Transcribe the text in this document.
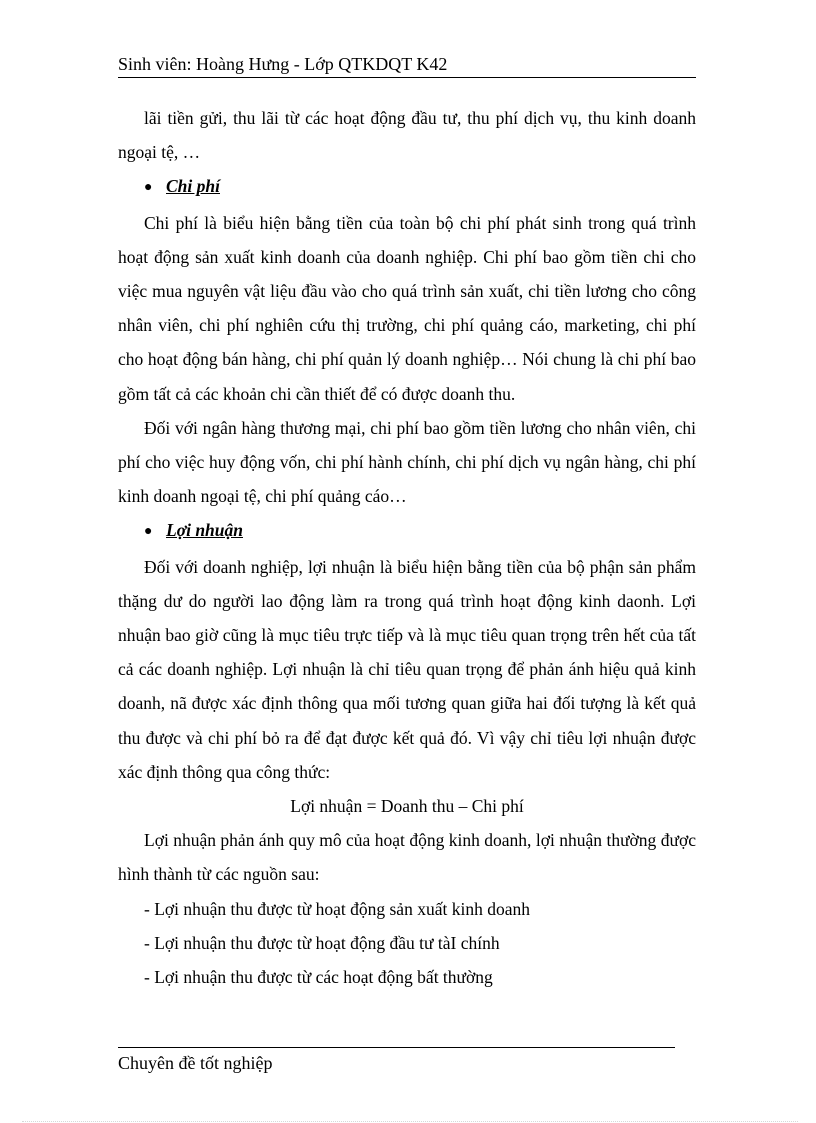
Sinh viên: Hoàng Hưng - Lớp QTKDQT K42

lãi tiền gửi, thu lãi từ các hoạt động đầu tư, thu phí dịch vụ, thu kinh doanh ngoại tệ, …

● Chi phí

Chi phí là biểu hiện bằng tiền của toàn bộ chi phí phát sinh trong quá trình hoạt động sản xuất kinh doanh của doanh nghiệp. Chi phí bao gồm tiền chi cho việc mua nguyên vật liệu đầu vào cho quá trình sản xuất, chi tiền lương cho công nhân viên, chi phí nghiên cứu thị trường, chi phí quảng cáo, marketing, chi phí cho hoạt động bán hàng, chi phí quản lý doanh nghiệp… Nói chung là chi phí bao gồm tất cả các khoản chi cần thiết để có được doanh thu.

Đối với ngân hàng thương mại, chi phí bao gồm tiền lương cho nhân viên, chi phí cho việc huy động vốn, chi phí hành chính, chi phí dịch vụ ngân hàng, chi phí kinh doanh ngoại tệ, chi phí quảng cáo…

● Lợi nhuận

Đối với doanh nghiệp, lợi nhuận là biểu hiện bằng tiền của bộ phận sản phẩm thặng dư do người lao động làm ra trong quá trình hoạt động kinh daonh. Lợi nhuận bao giờ cũng là mục tiêu trực tiếp và là mục tiêu quan trọng trên hết của tất cả các doanh nghiệp. Lợi nhuận là chỉ tiêu quan trọng để phản ánh hiệu quả kinh doanh, nã được xác định thông qua mối tương quan giữa hai đối tượng là kết quả thu được và chi phí bỏ ra để đạt được kết quả đó. Vì vậy chỉ tiêu lợi nhuận được xác định thông qua công thức:

Lợi nhuận = Doanh thu – Chi phí

Lợi nhuận phản ánh quy mô của hoạt động kinh doanh, lợi nhuận thường được hình thành từ các nguồn sau:

- Lợi nhuận thu được từ hoạt động sản xuất kinh doanh

- Lợi nhuận thu được từ hoạt động đầu tư tàI chính

- Lợi nhuận thu được từ các hoạt động bất thường

Chuyên đề tốt nghiệp
